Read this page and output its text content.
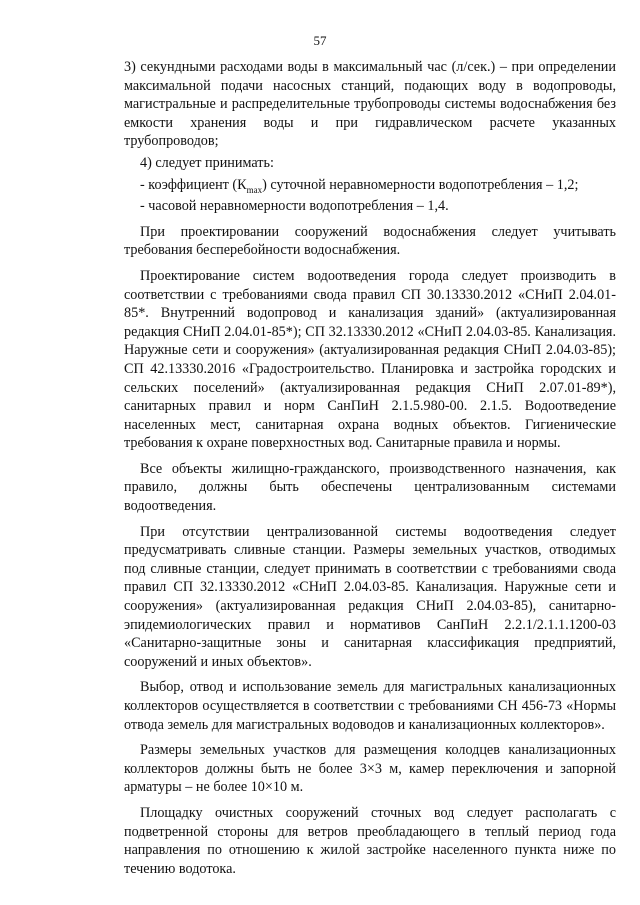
57

3) секундными расходами воды в максимальный час (л/сек.) – при определении максимальной подачи насосных станций, подающих воду в водопроводы, магистральные и распределительные трубопроводы системы водоснабжения без емкости хранения воды и при гидравлическом расчете указанных трубопроводов;

4) следует принимать:

- коэффициент $(К_{max})$ суточной неравномерности водопотребления – 1,2;

- часовой неравномерности водопотребления – 1,4.

При проектировании сооружений водоснабжения следует учитывать требования бесперебойности водоснабжения.

Проектирование систем водоотведения города следует производить в соответствии с требованиями свода правил СП 30.13330.2012 «СНиП 2.04.01-85*. Внутренний водопровод и канализация зданий» (актуализированная редакция СНиП 2.04.01-85*); СП 32.13330.2012 «СНиП 2.04.03-85. Канализация. Наружные сети и сооружения» (актуализированная редакция СНиП 2.04.03-85); СП 42.13330.2016 «Градостроительство. Планировка и застройка городских и сельских поселений» (актуализированная редакция СНиП 2.07.01-89*), санитарных правил и норм СанПиН 2.1.5.980-00. 2.1.5. Водоотведение населенных мест, санитарная охрана водных объектов. Гигиенические требования к охране поверхностных вод. Санитарные правила и нормы.

Все объекты жилищно-гражданского, производственного назначения, как правило, должны быть обеспечены централизованным системами водоотведения.

При отсутствии централизованной системы водоотведения следует предусматривать сливные станции. Размеры земельных участков, отводимых под сливные станции, следует принимать в соответствии с требованиями свода правил СП 32.13330.2012 «СНиП 2.04.03-85. Канализация. Наружные сети и сооружения» (актуализированная редакция СНиП 2.04.03-85), санитарно-эпидемиологических правил и нормативов СанПиН 2.2.1/2.1.1.1200-03 «Санитарно-защитные зоны и санитарная классификация предприятий, сооружений и иных объектов».

Выбор, отвод и использование земель для магистральных канализационных коллекторов осуществляется в соответствии с требованиями СН 456-73 «Нормы отвода земель для магистральных водоводов и канализационных коллекторов».

Размеры земельных участков для размещения колодцев канализационных коллекторов должны быть не более 3×3 м, камер переключения и запорной арматуры – не более 10×10 м.

Площадку очистных сооружений сточных вод следует располагать с подветренной стороны для ветров преобладающего в теплый период года направления по отношению к жилой застройке населенного пункта ниже по течению водотока.
